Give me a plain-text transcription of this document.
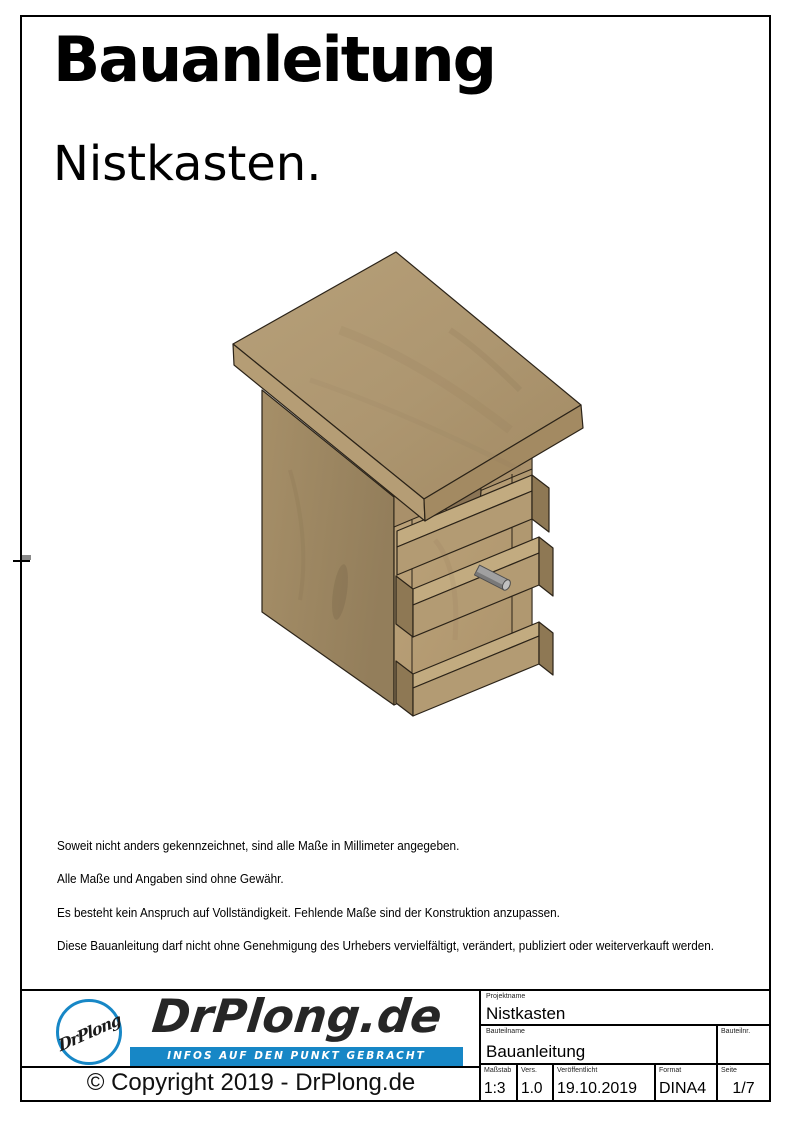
Bauanleitung
Nistkasten.
Soweit nicht anders gekennzeichnet, sind alle Maße in Millimeter angegeben.
Alle Maße und Angaben sind ohne Gewähr.
Es besteht kein Anspruch auf Vollständigkeit. Fehlende Maße sind der Konstruktion anzupassen.
Diese Bauanleitung darf nicht ohne Genehmigung des Urhebers vervielfältigt, verändert, publiziert oder weiterverkauft werden.
DrPlong DrPlong.de
INFOS AUF DEN PUNKT GEBRACHT
© Copyright 2019 - DrPlong.de
Projektname
Nistkasten
Bauteilname
Bauanleitung
Bauteilnr.
Maßstab
1:3
Vers.
1.0
Veröffentlicht
19.10.2019
Format
DINA4
Seite
1/7
